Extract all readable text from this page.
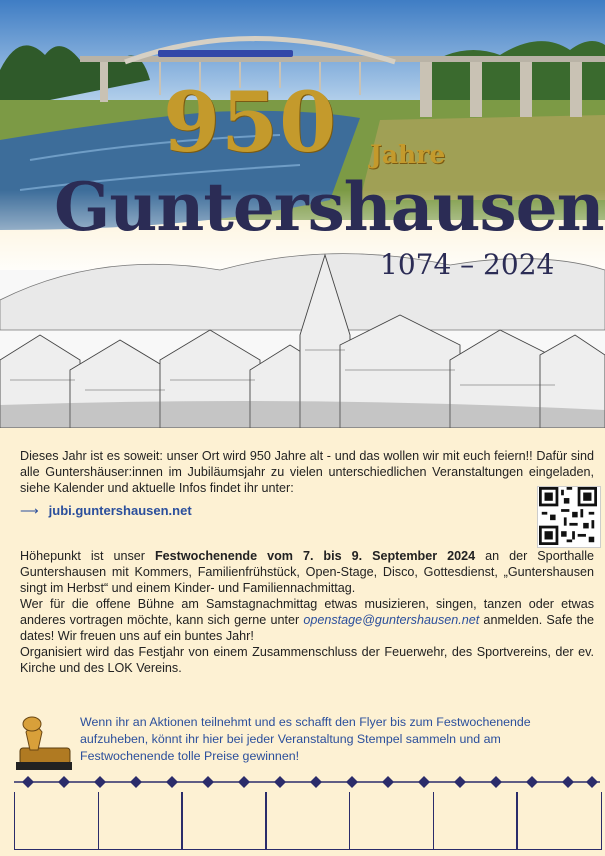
950 Jahre
Guntershausen
1074 – 2024
Dieses Jahr ist es soweit: unser Ort wird 950 Jahre alt - und das wollen wir mit euch feiern!! Dafür sind alle Guntershäuser:innen im Jubiläumsjahr zu vielen unterschiedlichen Veranstaltungen eingeladen, siehe Kalender und aktuelle Infos findet ihr unter:
⟶ jubi.guntershausen.net
Höhepunkt ist unser Festwochenende vom 7. bis 9. September 2024 an der Sporthalle Guntershausen mit Kommers, Familienfrühstück, Open-Stage, Disco, Gottesdienst, „Guntershausen singt im Herbst“ und einem Kinder- und Familiennachmittag.
Wer für die offene Bühne am Samstagnachmittag etwas musizieren, singen, tanzen oder etwas anderes vortragen möchte, kann sich gerne unter openstage@guntershausen.net anmelden. Safe the dates! Wir freuen uns auf ein buntes Jahr!
Organisiert wird das Festjahr von einem Zusammenschluss der Feuerwehr, des Sportvereins, der ev. Kirche und des LOK Vereins.
Wenn ihr an Aktionen teilnehmt und es schafft den Flyer bis zum Festwochenende aufzuheben, könnt ihr hier bei jeder Veranstaltung Stempel sammeln und am Festwochenende tolle Preise gewinnen!
